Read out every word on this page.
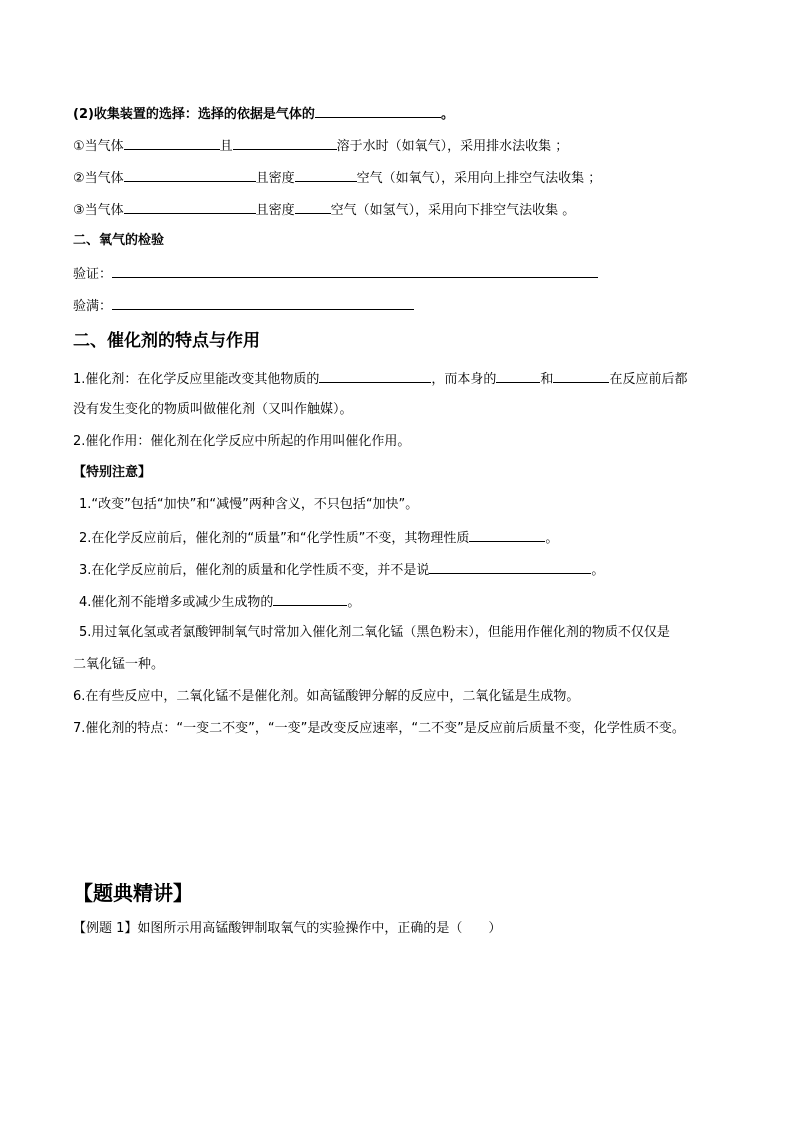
(2)收集装置的选择：选择的依据是气体的	。
①当气体	且	溶于水时（如氧气），采用排水法收集 ；
②当气体	且密度	空气（如氧气），采用向上排空气法收集 ；
③当气体	且密度	空气（如氢气），采用向下排空气法收集 。
二、氧气的检验
验证：
验满：
二、催化剂的特点与作用
1.催化剂：在化学反应里能改变其他物质的	，而本身的	和	在反应前后都
没有发生变化的物质叫做催化剂（又叫作触媒）。
2.催化作用：催化剂在化学反应中所起的作用叫催化作用。
【特别注意】
1.“改变”包括“加快”和“减慢”两种含义，不只包括“加快”。
2.在化学反应前后，催化剂的“质量”和“化学性质”不变，其物理性质	。
3.在化学反应前后，催化剂的质量和化学性质不变，并不是说	。
4.催化剂不能增多或减少生成物的	。
5.用过氧化氢或者氯酸钾制氧气时常加入催化剂二氧化锰（黑色粉末），但能用作催化剂的物质不仅仅是
二氧化锰一种。
6.在有些反应中，二氧化锰不是催化剂。如高锰酸钾分解的反应中，二氧化锰是生成物。
7.催化剂的特点：“一变二不变”，“一变”是改变反应速率，“二不变”是反应前后质量不变，化学性质不变。
【题典精讲】
【例题 1】如图所示用高锰酸钾制取氧气的实验操作中，正确的是（　　）
